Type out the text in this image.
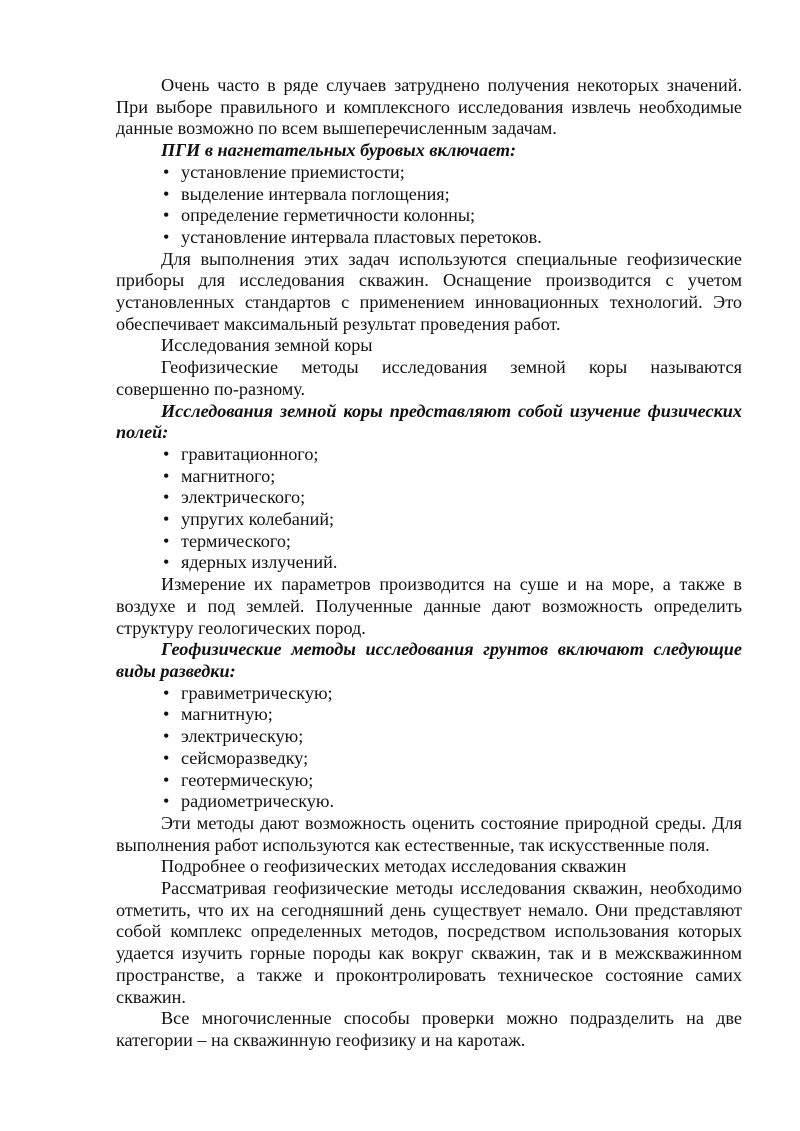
Очень часто в ряде случаев затруднено получения некоторых значений. При выборе правильного и комплексного исследования извлечь необходимые данные возможно по всем вышеперечисленным задачам.

ПГИ в нагнетательных буровых включает:

• установление приемистости;
• выделение интервала поглощения;
• определение герметичности колонны;
• установление интервала пластовых перетоков.

Для выполнения этих задач используются специальные геофизические приборы для исследования скважин. Оснащение производится с учетом установленных стандартов с применением инновационных технологий. Это обеспечивает максимальный результат проведения работ.

Исследования земной коры

Геофизические методы исследования земной коры называются совершенно по-разному.

Исследования земной коры представляют собой изучение физических полей:

• гравитационного;
• магнитного;
• электрического;
• упругих колебаний;
• термического;
• ядерных излучений.

Измерение их параметров производится на суше и на море, а также в воздухе и под землей. Полученные данные дают возможность определить структуру геологических пород.

Геофизические методы исследования грунтов включают следующие виды разведки:

• гравиметрическую;
• магнитную;
• электрическую;
• сейсморазведку;
• геотермическую;
• радиометрическую.

Эти методы дают возможность оценить состояние природной среды. Для выполнения работ используются как естественные, так искусственные поля.

Подробнее о геофизических методах исследования скважин

Рассматривая геофизические методы исследования скважин, необходимо отметить, что их на сегодняшний день существует немало. Они представляют собой комплекс определенных методов, посредством использования которых удается изучить горные породы как вокруг скважин, так и в межскважинном пространстве, а также и проконтролировать техническое состояние самих скважин.

Все многочисленные способы проверки можно подразделить на две категории – на скважинную геофизику и на каротаж.
